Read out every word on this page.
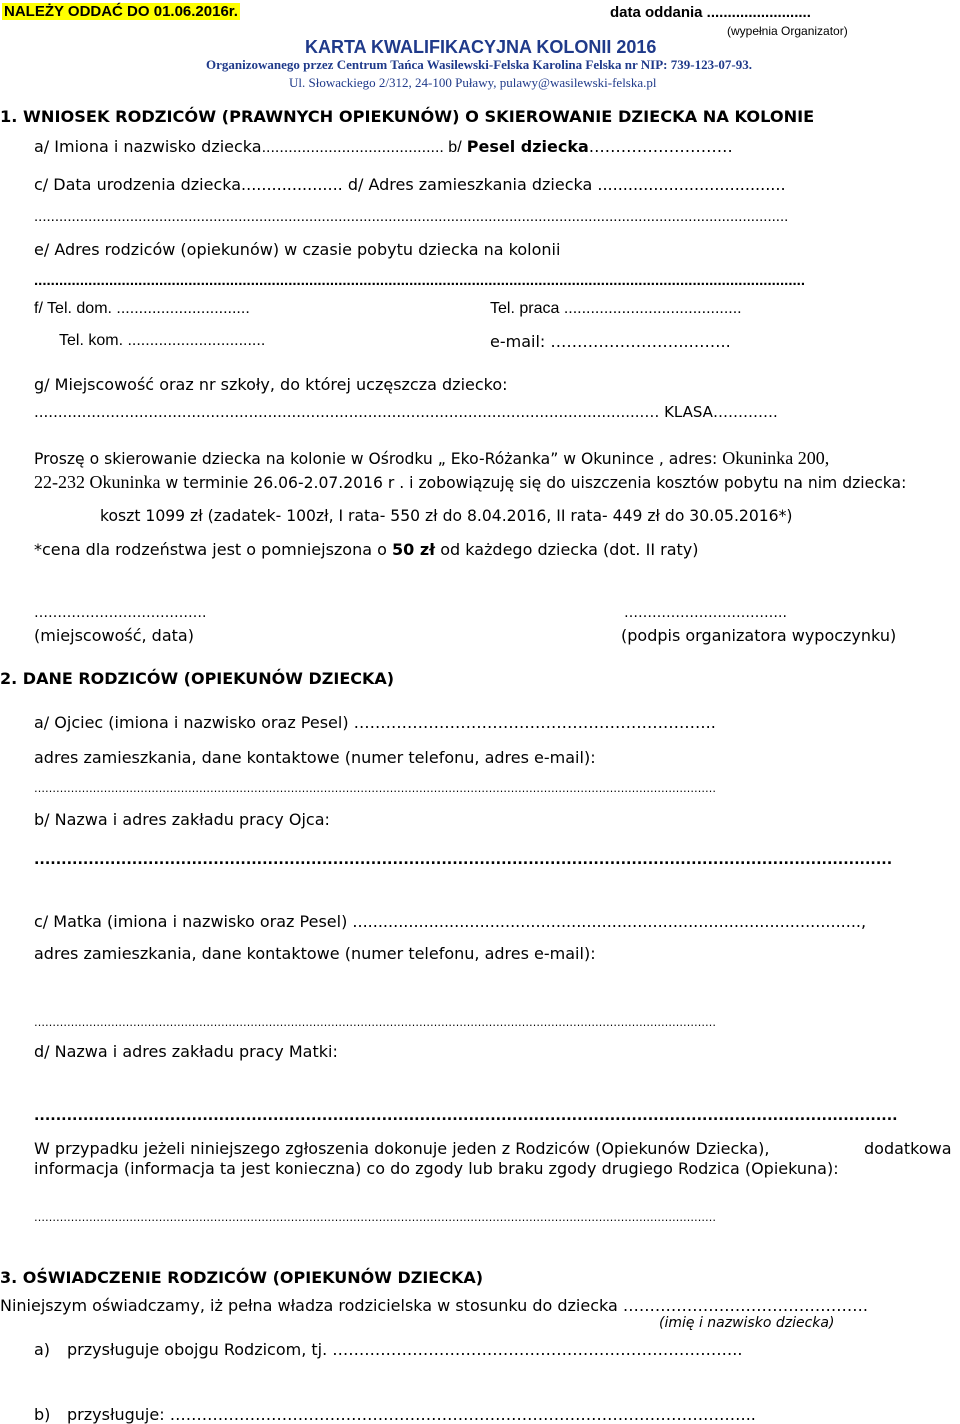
NALEŻY ODDAĆ DO 01.06.2016r.	data oddania .........................
(wypełnia Organizator)
KARTA KWALIFIKACYJNA KOLONII 2016
Organizowanego przez Centrum Tańca Wasilewski-Felska Karolina Felska nr NIP: 739-123-07-93.
Ul. Słowackiego 2/312, 24-100 Puławy, pulawy@wasilewski-felska.pl
1. WNIOSEK RODZICÓW (PRAWNYCH OPIEKUNÓW) O SKIEROWANIE DZIECKA NA KOLONIE
a/ Imiona i nazwisko dziecka......................................... b/ Pesel dziecka………………………
c/ Data urodzenia dziecka.................... d/ Adres zamieszkania dziecka .....................................
.....................................................................................................................................................................................
e/ Adres rodziców (opiekunów) w czasie pobytu dziecka na kolonii
.........................................................................................................................................................................................
f/ Tel. dom. ..............................	Tel. praca ........................................
Tel. kom. ...............................	e-mail: ……………………..……..
g/ Miejscowość oraz nr szkoły, do której uczęszcza dziecko:
................................................................................................................................… KLASA………….
Proszę o skierowanie dziecka na kolonie w Ośrodku „ Eko-Różanka” w Okunince , adres: Okuninka 200,
22-232 Okuninka w terminie 26.06-2.07.2016 r . i zobowiązuję się do uiszczenia kosztów pobytu na nim dziecka:
koszt 1099 zł (zadatek- 100zł, I rata- 550 zł do 8.04.2016, II rata- 449 zł do 30.05.2016*)
*cena dla rodzeństwa jest o pomniejszona o 50 zł od każdego dziecka (dot. II raty)
……………………………….	……………………………..
(miejscowość, data)	(podpis organizatora wypoczynku)
2. DANE RODZICÓW (OPIEKUNÓW DZIECKA)
a/ Ojciec (imiona i nazwisko oraz Pesel) …………………………………………………………..
adres zamieszkania, dane kontaktowe (numer telefonu, adres e-mail):
……………………………………………………………………………………………………………………………………………………………………
b/ Nazwa i adres zakładu pracy Ojca:
..............................................................................................................................................................
c/ Matka (imiona i nazwisko oraz Pesel) ....................................................................................................,
adres zamieszkania, dane kontaktowe (numer telefonu, adres e-mail):
……………………………………………………………………………………………………………………………………………………………………
d/ Nazwa i adres zakładu pracy Matki:
...............................................................................................................................................................
W przypadku jeżeli niniejszego zgłoszenia dokonuje jeden z Rodziców (Opiekunów Dziecka),	dodatkowa
informacja (informacja ta jest konieczna) co do zgody lub braku zgody drugiego Rodzica (Opiekuna):
……………………………………………………………………………………………………………………………………………………………………
3. OŚWIADCZENIE RODZICÓW (OPIEKUNÓW DZIECKA)
Niniejszym oświadczamy, iż pełna władza rodzicielska w stosunku do dziecka ……………………………………….
(imię i nazwisko dziecka)
a) przysługuje obojgu Rodzicom, tj. …………………………………………………………………..
b) przysługuje: ………………………………………………………………………………………………..
